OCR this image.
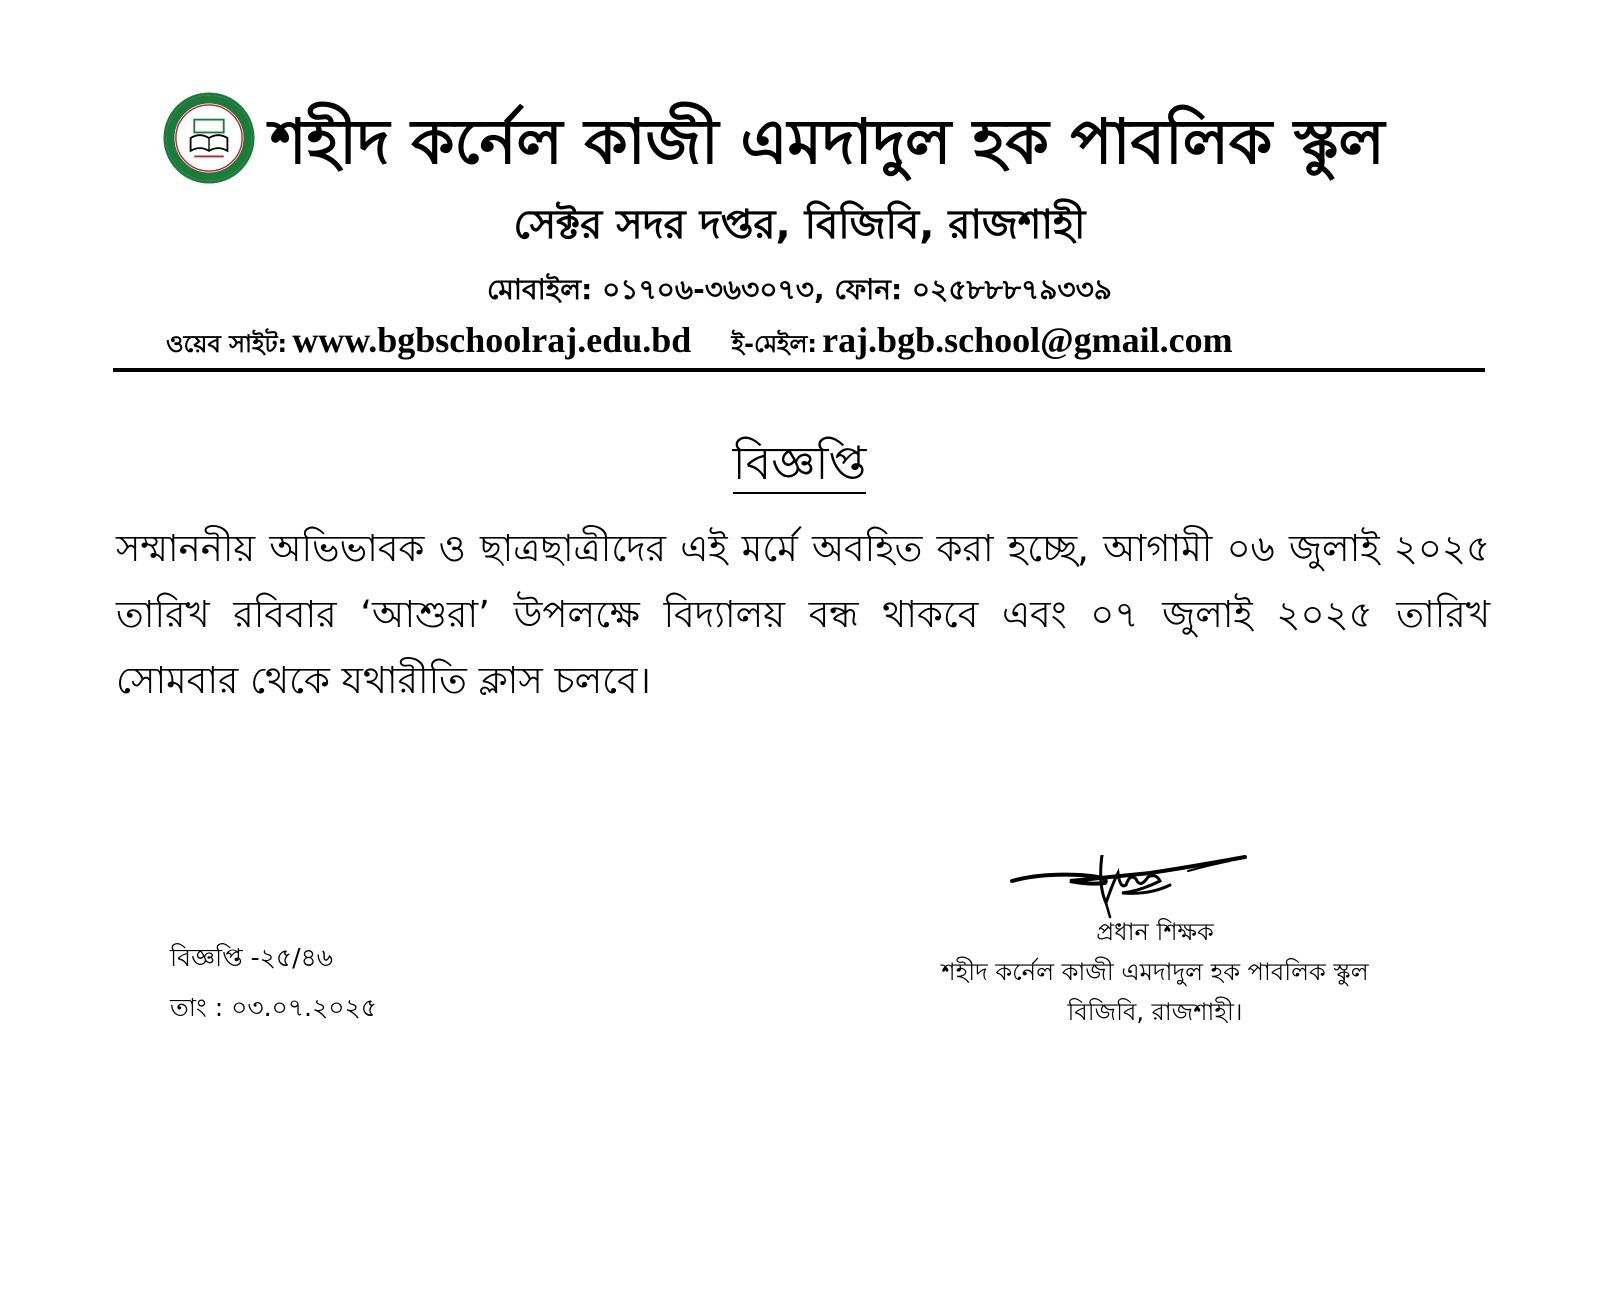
শহীদ কর্নেল কাজী এমদাদুল হক পাবলিক স্কুল
সেক্টর সদর দপ্তর, বিজিবি, রাজশাহী
মোবাইল: ০১৭০৬-৩৬৩০৭৩, ফোন: ০২৫৮৮৮৭৯৩৩৯
ওয়েব সাইট: www.bgbschoolraj.edu.bd ই-মেইল: raj.bgb.school@gmail.com
বিজ্ঞপ্তি
সম্মাননীয় অভিভাবক ও ছাত্রছাত্রীদের এই মর্মে অবহিত করা হচ্ছে, আগামী ০৬ জুলাই ২০২৫ তারিখ রবিবার ‘আশুরা’ উপলক্ষে বিদ্যালয় বন্ধ থাকবে এবং ০৭ জুলাই ২০২৫ তারিখ সোমবার থেকে যথারীতি ক্লাস চলবে।
বিজ্ঞপ্তি -২৫/৪৬
তাং : ০৩.০৭.২০২৫
প্রধান শিক্ষক
শহীদ কর্নেল কাজী এমদাদুল হক পাবলিক স্কুল
বিজিবি, রাজশাহী।
